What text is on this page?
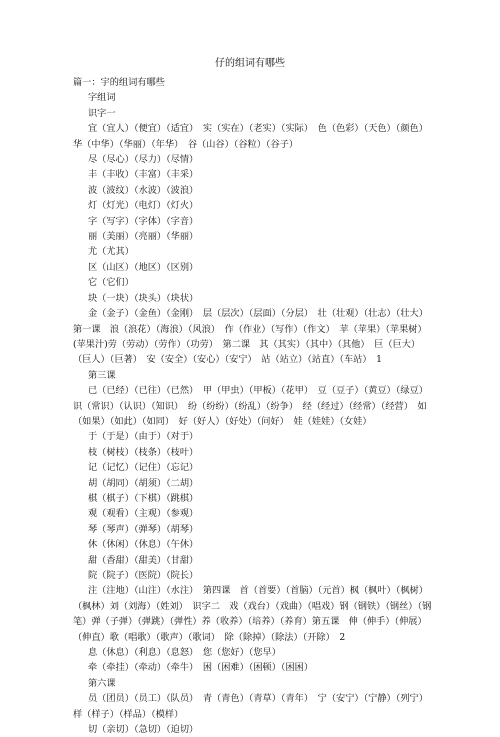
仔的组词有哪些

篇一：宇的组词有哪些

字组词

识字一

宜（宜人）（便宜）（适宜）　实（实在）（老实）（实际）　色（色彩）（天色）（颜色）华（中华）（华丽）（年华）　谷（山谷）（谷粒）（谷子）

尽（尽心）（尽力）（尽情）

丰（丰收）（丰富）（丰采）

波（波纹）（水波）（波浪）

灯（灯光）（电灯）（灯火）

字（写字）（字体）（字音）

丽（美丽）（亮丽）（华丽）

尤（尤其）

区（山区）（地区）（区别）

它（它们）

块（一块）（块头）（块状）

金（金子）（金鱼）（金刚）　层（层次）（层面）（分层）　壮（壮观）（壮志）（壮大）第一课　浪（浪花）（海浪）（风浪）　作（作业）（写作）（作文）　苹（苹果）（苹果树）(苹果汁)劳（劳动）（劳作）（功劳）　第二课　其（其实）（其中）（其他）　巨（巨大）（巨人）（巨著）　安（安全）（安心）（安宁）　站（站立）（站直）（车站）　1

第三课

已（已经）（已往）（已然）　甲（甲虫）（甲板）（花甲）　豆（豆子）（黄豆）（绿豆）识（常识）（认识）（知识）　纷（纷纷）（纷乱）（纷争）　经（经过）（经常）（经营）　如（如果）（如此）（如同）　好（好人）（好处）（问好）　娃（娃娃）（女娃）

于（于是）（由于）（对于）

枝（树枝）（枝条）（枝叶）

记（记忆）（记住）（忘记）

胡（胡同）（胡须）（二胡）

棋（棋子）（下棋）（跳棋）

观（观看）（主观）（参观）

琴（琴声）（弹琴）（胡琴）

休（休闲）（休息）（午休）

甜（香甜）（甜美）（甘甜）

院（院子）（医院）（院长）

注（注地）（山注）（水注）　第四课　首（首要）（首脑）（元首）枫（枫叶）（枫树）（枫林）刘（刘海）（姓刘）　识字二　戏（戏台）（戏曲）（唱戏）钢（钢铁）（钢丝）（钢笔）弹（子弹）（弹跳）（弹性）养（收养）（培养）（养育）第五课　伸（伸手）（伸展）（伸直）歌（唱歌）（歌声）（歌词）　除（除掉）（除法）（开除）　2

息（休息）（利息）（息怒）　您（您好）（您早）

牵（牵挂）（牵动）（牵牛）　困（困难）（困顿）（困困）

第六课

员（团员）（员工）（队员）　青（青色）（青草）（青年）　宁（安宁）（宁静）（列宁）样（样子）（样品）（模样）

切（亲切）（急切）（迫切）
